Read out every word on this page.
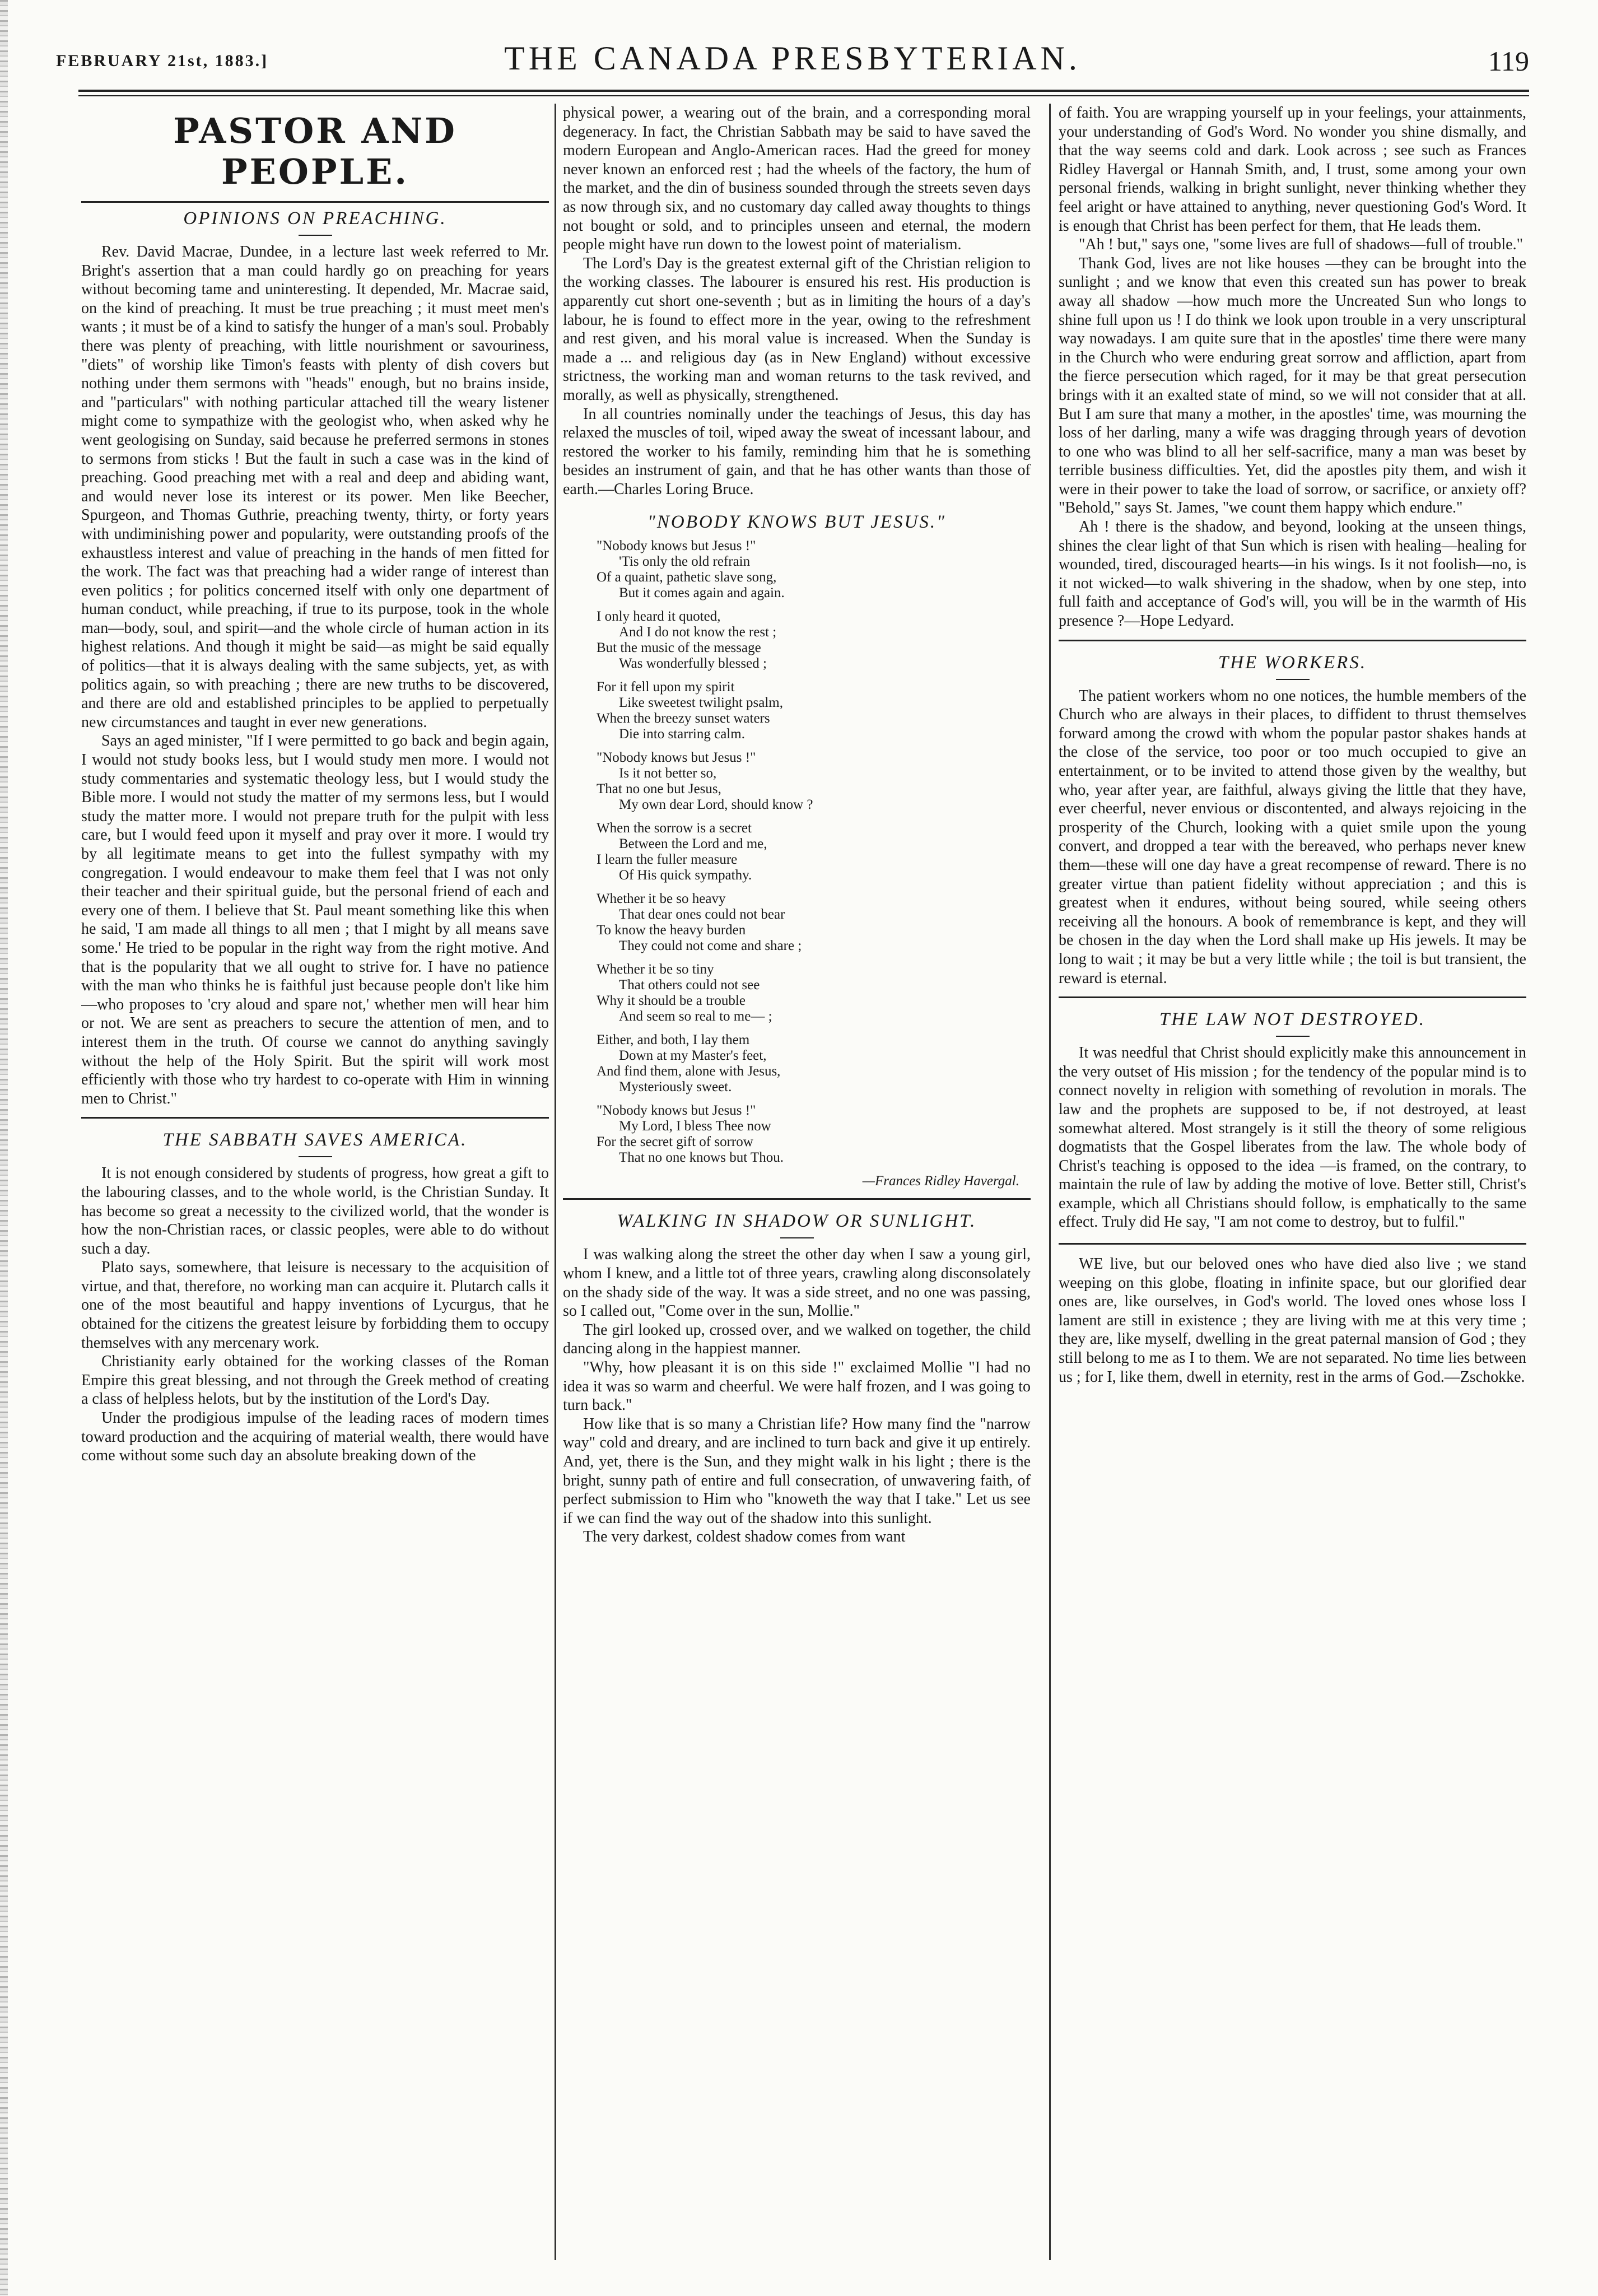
FEBRUARY 21st, 1883.]	THE CANADA PRESBYTERIAN.	119
PASTOR AND PEOPLE.
OPINIONS ON PREACHING.

Rev. David Macrae, Dundee, in a lecture last week referred to Mr. Bright's assertion that a man could hardly go on preaching for years without becoming tame and uninteresting. It depended, Mr. Macrae said, on the kind of preaching. It must be true preaching ; it must meet men's wants ; it must be of a kind to satisfy the hunger of a man's soul. Probably there was plenty of preaching, with little nourishment or savouriness, "diets" of worship like Timon's feasts with plenty of dish covers but nothing under them sermons with "heads" enough, but no brains inside, and "particulars" with nothing particular attached till the weary listener might come to sympathize with the geologist who, when asked why he went geologising on Sunday, said because he preferred sermons in stones to sermons from sticks ! But the fault in such a case was in the kind of preaching. Good preaching met with a real and deep and abiding want, and would never lose its interest or its power. Men like Beecher, Spurgeon, and Thomas Guthrie, preaching twenty, thirty, or forty years with undiminishing power and popularity, were outstanding proofs of the exhaustless interest and value of preaching in the hands of men fitted for the work. The fact was that preaching had a wider range of interest than even politics ; for politics concerned itself with only one department of human conduct, while preaching, if true to its purpose, took in the whole man—body, soul, and spirit—and the whole circle of human action in its highest relations. And though it might be said—as might be said equally of politics—that it is always dealing with the same subjects, yet, as with politics again, so with preaching ; there are new truths to be discovered, and there are old and established principles to be applied to perpetually new circumstances and taught in ever new generations.

Says an aged minister, "If I were permitted to go back and begin again, I would not study books less, but I would study men more. I would not study commentaries and systematic theology less, but I would study the Bible more. I would not study the matter of my sermons less, but I would study the matter more. I would not prepare truth for the pulpit with less care, but I would feed upon it myself and pray over it more. I would try by all legitimate means to get into the fullest sympathy with my congregation. I would endeavour to make them feel that I was not only their teacher and their spiritual guide, but the personal friend of each and every one of them. I believe that St. Paul meant something like this when he said, 'I am made all things to all men ; that I might by all means save some.' He tried to be popular in the right way from the right motive. And that is the popularity that we all ought to strive for. I have no patience with the man who thinks he is faithful just because people don't like him—who proposes to 'cry aloud and spare not,' whether men will hear him or not. We are sent as preachers to secure the attention of men, and to interest them in the truth. Of course we cannot do anything savingly without the help of the Holy Spirit. But the spirit will work most efficiently with those who try hardest to co-operate with Him in winning men to Christ."

THE SABBATH SAVES AMERICA.

It is not enough considered by students of progress, how great a gift to the labouring classes, and to the whole world, is the Christian Sunday. It has become so great a necessity to the civilized world, that the wonder is how the non-Christian races, or classic peoples, were able to do without such a day.

Plato says, somewhere, that leisure is necessary to the acquisition of virtue, and that, therefore, no working man can acquire it. Plutarch calls it one of the most beautiful and happy inventions of Lycurgus, that he obtained for the citizens the greatest leisure by forbidding them to occupy themselves with any mercenary work.

Christianity early obtained for the working classes of the Roman Empire this great blessing, and not through the Greek method of creating a class of helpless helots, but by the institution of the Lord's Day.

Under the prodigious impulse of the leading races of modern times toward production and the acquiring of material wealth, there would have come without some such day an absolute breaking down of the

physical power, a wearing out of the brain, and a corresponding moral degeneracy. In fact, the Christian Sabbath may be said to have saved the modern European and Anglo-American races. Had the greed for money never known an enforced rest ; had the wheels of the factory, the hum of the market, and the din of business sounded through the streets seven days as now through six, and no customary day called away thoughts to things not bought or sold, and to principles unseen and eternal, the modern people might have run down to the lowest point of materialism.

The Lord's Day is the greatest external gift of the Christian religion to the working classes. The labourer is ensured his rest. His production is apparently cut short one-seventh ; but as in limiting the hours of a day's labour, he is found to effect more in the year, owing to the refreshment and rest given, and his moral value is increased. When the Sunday is made a ... and religious day (as in New England) without excessive strictness, the working man and woman returns to the task revived, and morally, as well as physically, strengthened.

In all countries nominally under the teachings of Jesus, this day has relaxed the muscles of toil, wiped away the sweat of incessant labour, and restored the worker to his family, reminding him that he is something besides an instrument of gain, and that he has other wants than those of earth.—Charles Loring Bruce.

"NOBODY KNOWS BUT JESUS."
"Nobody knows but Jesus !"
'Tis only the old refrain
Of a quaint, pathetic slave song,
But it comes again and again.
I only heard it quoted,
And I do not know the rest ;
But the music of the message
Was wonderfully blessed ;
For it fell upon my spirit
Like sweetest twilight psalm,
When the breezy sunset waters
Die into starring calm.
"Nobody knows but Jesus !"
Is it not better so,
That no one but Jesus,
My own dear Lord, should know ?
When the sorrow is a secret
Between the Lord and me,
I learn the fuller measure
Of His quick sympathy.
Whether it be so heavy
That dear ones could not bear
To know the heavy burden
They could not come and share ;
Whether it be so tiny
That others could not see
Why it should be a trouble
And seem so real to me— ;
Either, and both, I lay them
Down at my Master's feet,
And find them, alone with Jesus,
Mysteriously sweet.
"Nobody knows but Jesus !"
My Lord, I bless Thee now
For the secret gift of sorrow
That no one knows but Thou.
—Frances Ridley Havergal.
WALKING IN SHADOW OR SUNLIGHT.

I was walking along the street the other day when I saw a young girl, whom I knew, and a little tot of three years, crawling along disconsolately on the shady side of the way. It was a side street, and no one was passing, so I called out, "Come over in the sun, Mollie."

The girl looked up, crossed over, and we walked on together, the child dancing along in the happiest manner.

"Why, how pleasant it is on this side !" exclaimed Mollie "I had no idea it was so warm and cheerful. We were half frozen, and I was going to turn back."

How like that is so many a Christian life? How many find the "narrow way" cold and dreary, and are inclined to turn back and give it up entirely. And, yet, there is the Sun, and they might walk in his light ; there is the bright, sunny path of entire and full consecration, of unwavering faith, of perfect submission to Him who "knoweth the way that I take." Let us see if we can find the way out of the shadow into this sunlight.

The very darkest, coldest shadow comes from want

of faith. You are wrapping yourself up in your feelings, your attainments, your understanding of God's Word. No wonder you shine dismally, and that the way seems cold and dark. Look across ; see such as Frances Ridley Havergal or Hannah Smith, and, I trust, some among your own personal friends, walking in bright sunlight, never thinking whether they feel aright or have attained to anything, never questioning God's Word. It is enough that Christ has been perfect for them, that He leads them.

"Ah ! but," says one, "some lives are full of shadows—full of trouble."

Thank God, lives are not like houses —they can be brought into the sunlight ; and we know that even this created sun has power to break away all shadow —how much more the Uncreated Sun who longs to shine full upon us ! I do think we look upon trouble in a very unscriptural way nowadays. I am quite sure that in the apostles' time there were many in the Church who were enduring great sorrow and affliction, apart from the fierce persecution which raged, for it may be that great persecution brings with it an exalted state of mind, so we will not consider that at all. But I am sure that many a mother, in the apostles' time, was mourning the loss of her darling, many a wife was dragging through years of devotion to one who was blind to all her self-sacrifice, many a man was beset by terrible business difficulties. Yet, did the apostles pity them, and wish it were in their power to take the load of sorrow, or sacrifice, or anxiety off? "Behold," says St. James, "we count them happy which endure."

Ah ! there is the shadow, and beyond, looking at the unseen things, shines the clear light of that Sun which is risen with healing—healing for wounded, tired, discouraged hearts—in his wings. Is it not foolish—no, is it not wicked—to walk shivering in the shadow, when by one step, into full faith and acceptance of God's will, you will be in the warmth of His presence ?—Hope Ledyard.

THE WORKERS.

The patient workers whom no one notices, the humble members of the Church who are always in their places, to diffident to thrust themselves forward among the crowd with whom the popular pastor shakes hands at the close of the service, too poor or too much occupied to give an entertainment, or to be invited to attend those given by the wealthy, but who, year after year, are faithful, always giving the little that they have, ever cheerful, never envious or discontented, and always rejoicing in the prosperity of the Church, looking with a quiet smile upon the young convert, and dropped a tear with the bereaved, who perhaps never knew them—these will one day have a great recompense of reward. There is no greater virtue than patient fidelity without appreciation ; and this is greatest when it endures, without being soured, while seeing others receiving all the honours. A book of remembrance is kept, and they will be chosen in the day when the Lord shall make up His jewels. It may be long to wait ; it may be but a very little while ; the toil is but transient, the reward is eternal.

THE LAW NOT DESTROYED.

It was needful that Christ should explicitly make this announcement in the very outset of His mission ; for the tendency of the popular mind is to connect novelty in religion with something of revolution in morals. The law and the prophets are supposed to be, if not destroyed, at least somewhat altered. Most strangely is it still the theory of some religious dogmatists that the Gospel liberates from the law. The whole body of Christ's teaching is opposed to the idea —is framed, on the contrary, to maintain the rule of law by adding the motive of love. Better still, Christ's example, which all Christians should follow, is emphatically to the same effect. Truly did He say, "I am not come to destroy, but to fulfil."

WE live, but our beloved ones who have died also live ; we stand weeping on this globe, floating in infinite space, but our glorified dear ones are, like ourselves, in God's world. The loved ones whose loss I lament are still in existence ; they are living with me at this very time ; they are, like myself, dwelling in the great paternal mansion of God ; they still belong to me as I to them. We are not separated. No time lies between us ; for I, like them, dwell in eternity, rest in the arms of God.—Zschokke.
